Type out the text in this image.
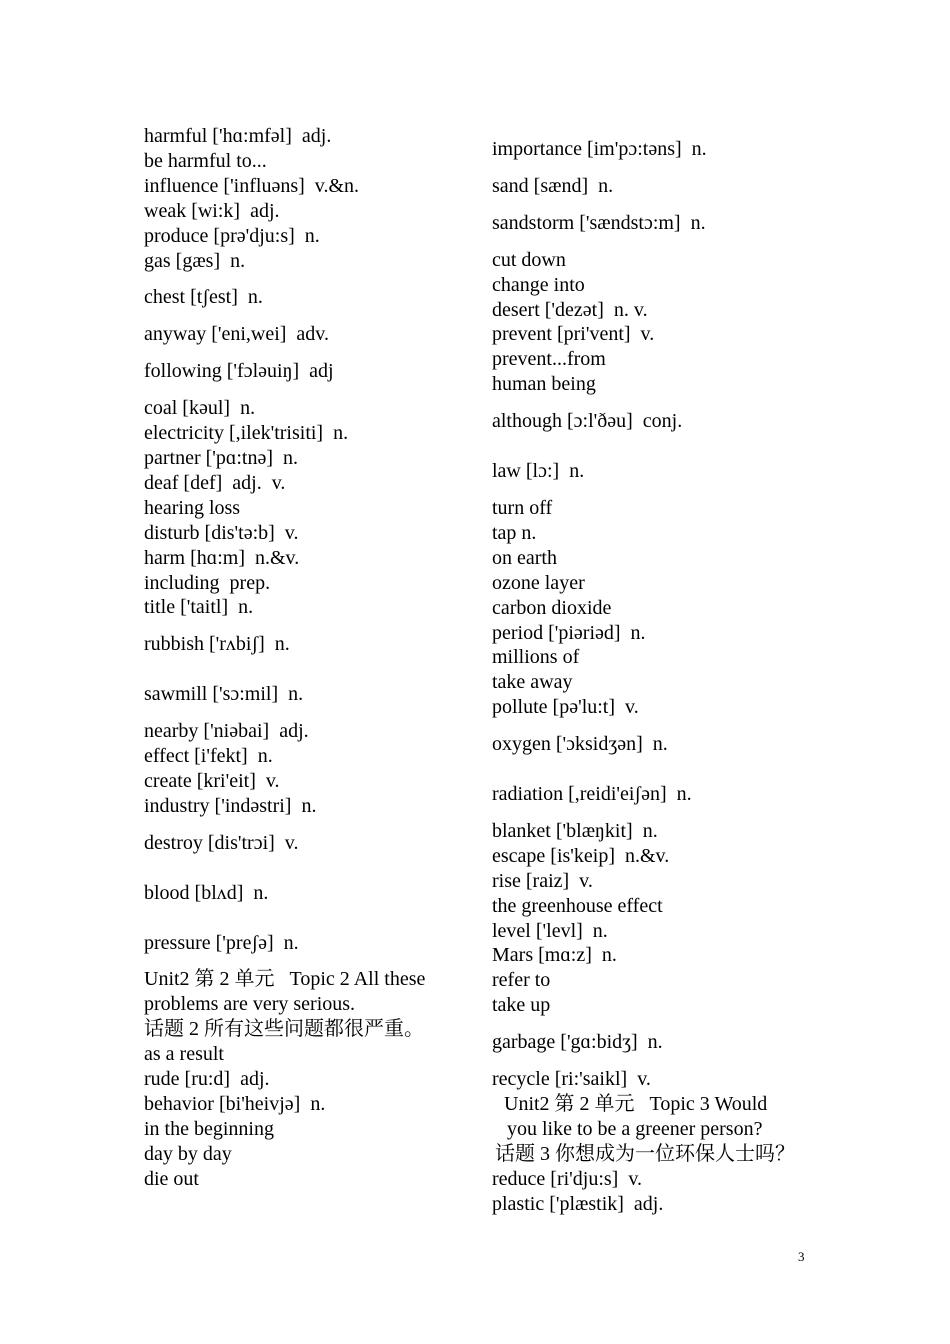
harmful ['hɑ:mfəl]  adj.
be harmful to...
influence ['influəns]  v.&n.
weak [wi:k]  adj.
produce [prə'dju:s]  n.
gas [gæs]  n.
chest [tʃest]  n.
anyway ['eni,wei]  adv.
following ['fɔləuiŋ]  adj
coal [kəul]  n.
electricity [,ilek'trisiti]  n.
partner ['pɑ:tnə]  n.
deaf [def]  adj.  v.
hearing loss
disturb [dis'tə:b]  v.
harm [hɑ:m]  n.&v.
including  prep.
title ['taitl]  n.
rubbish ['rʌbiʃ]  n.
sawmill ['sɔ:mil]  n.
nearby ['niəbai]  adj.
effect [i'fekt]  n.
create [kri'eit]  v.
industry ['indəstri]  n.
destroy [dis'trɔi]  v.
blood [blʌd]  n.
pressure ['preʃə]  n.
Unit2 第 2 单元   Topic 2 All these
problems are very serious.
话题 2 所有这些问题都很严重。
as a result
rude [ru:d]  adj.
behavior [bi'heivjə]  n.
in the beginning
day by day
die out
importance [im'pɔ:təns]  n.
sand [sænd]  n.
sandstorm ['sændstɔ:m]  n.
cut down
change into
desert ['dezət]  n. v.
prevent [pri'vent]  v.
prevent...from
human being
although [ɔ:l'ðəu]  conj.
law [lɔ:]  n.
turn off
tap n.
on earth
ozone layer
carbon dioxide
period ['piəriəd]  n.
millions of
take away
pollute [pə'lu:t]  v.
oxygen ['ɔksidʒən]  n.
radiation [,reidi'eiʃən]  n.
blanket ['blæŋkit]  n.
escape [is'keip]  n.&v.
rise [raiz]  v.
the greenhouse effect
level ['levl]  n.
Mars [mɑ:z]  n.
refer to
take up
garbage ['gɑ:bidʒ]  n.
recycle [ri:'saikl]  v.
Unit2 第 2 单元   Topic 3 Would
you like to be a greener person?
话题 3 你想成为一位环保人士吗？
reduce [ri'dju:s]  v.
plastic ['plæstik]  adj.
3
